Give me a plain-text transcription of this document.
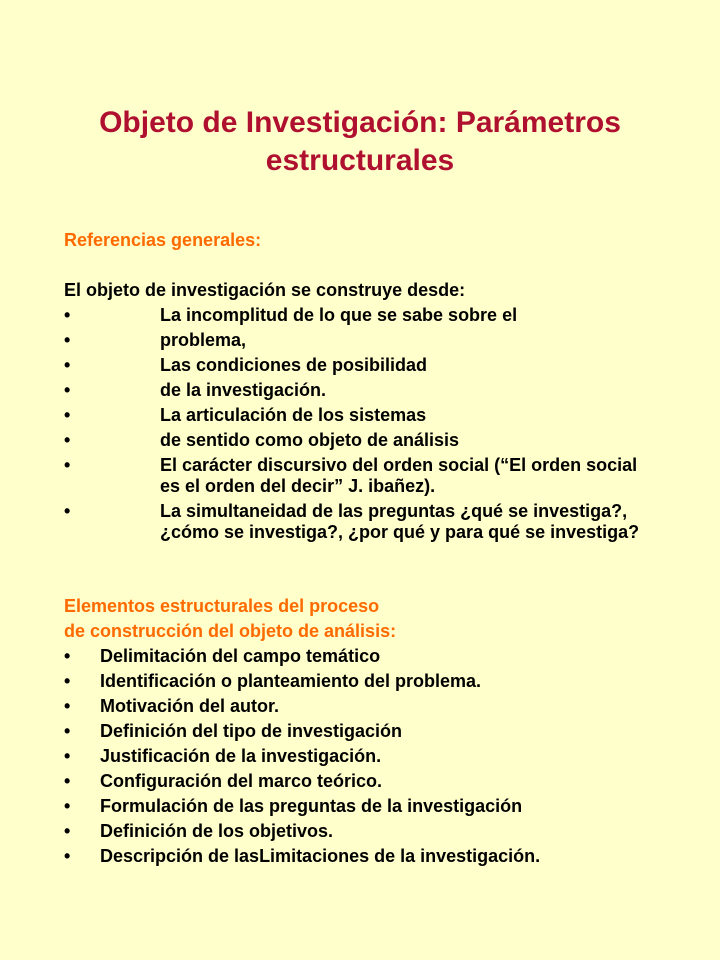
Objeto de Investigación: Parámetros
estructurales
Referencias generales:
El objeto de investigación se construye desde:
•	La incomplitud de lo que se sabe sobre el
•	problema,
•	Las condiciones de posibilidad
•	de la investigación.
•	La articulación de los sistemas
•	de sentido como objeto de análisis
•	El carácter discursivo del orden social (“El orden social es el orden del decir” J. ibañez).
•	La simultaneidad de las preguntas ¿qué se investiga?, ¿cómo se investiga?, ¿por qué y para qué se investiga?
Elementos estructurales del proceso
de construcción del objeto de análisis:
• Delimitación del campo temático
• Identificación o planteamiento del problema.
• Motivación del autor.
• Definición del tipo de investigación
• Justificación de la investigación.
• Configuración del marco teórico.
• Formulación de las preguntas de la investigación
• Definición de los objetivos.
• Descripción de lasLimitaciones de la investigación.
